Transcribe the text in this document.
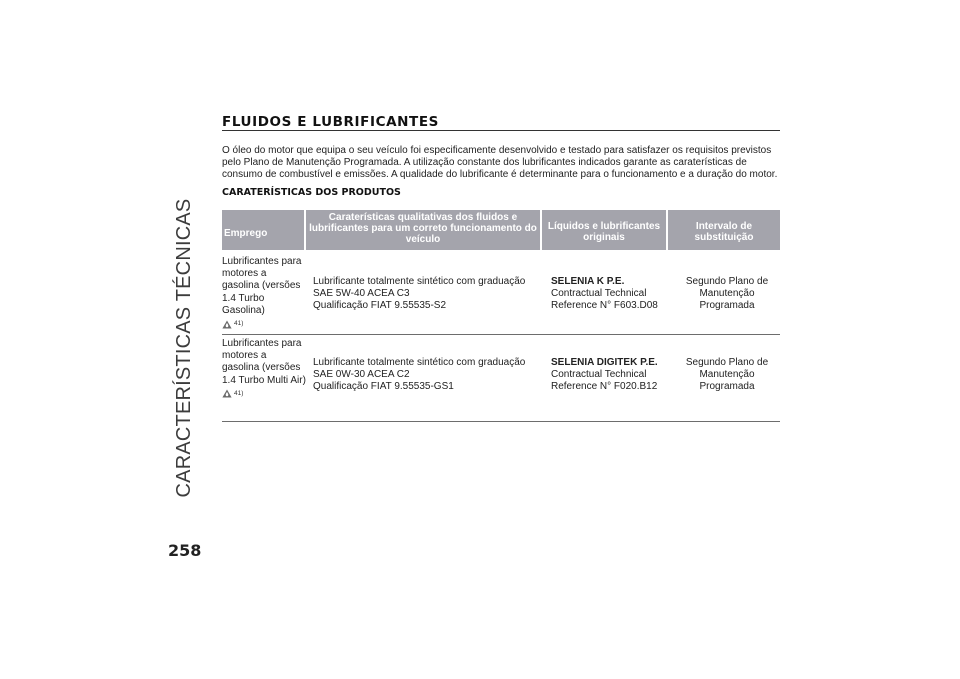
CARACTERÍSTICAS TÉCNICAS
258
FLUIDOS E LUBRIFICANTES
O óleo do motor que equipa o seu veículo foi especificamente desenvolvido e testado para satisfazer os requisitos previstos pelo Plano de Manutenção Programada. A utilização constante dos lubrificantes indicados garante as caraterísticas de consumo de combustível e emissões. A qualidade do lubrificante é determinante para o funcionamento e a duração do motor.
CARATERÍSTICAS DOS PRODUTOS
Emprego
Caraterísticas qualitativas dos fluidos e lubrificantes para um correto funcionamento do veículo
Líquidos e lubrificantes originais
Intervalo de substituição
Lubrificantes para motores a gasolina (versões 1.4 Turbo Gasolina)
41)
Lubrificante totalmente sintético com graduação
SAE 5W-40 ACEA C3
Qualificação FIAT 9.55535-S2
SELENIA K P.E.
Contractual Technical
Reference N° F603.D08
Segundo Plano de
Manutenção
Programada
Lubrificantes para motores a gasolina (versões 1.4 Turbo Multi Air)
41)
Lubrificante totalmente sintético com graduação
SAE 0W-30 ACEA C2
Qualificação FIAT 9.55535-GS1
SELENIA DIGITEK P.E.
Contractual Technical
Reference N° F020.B12
Segundo Plano de
Manutenção
Programada
